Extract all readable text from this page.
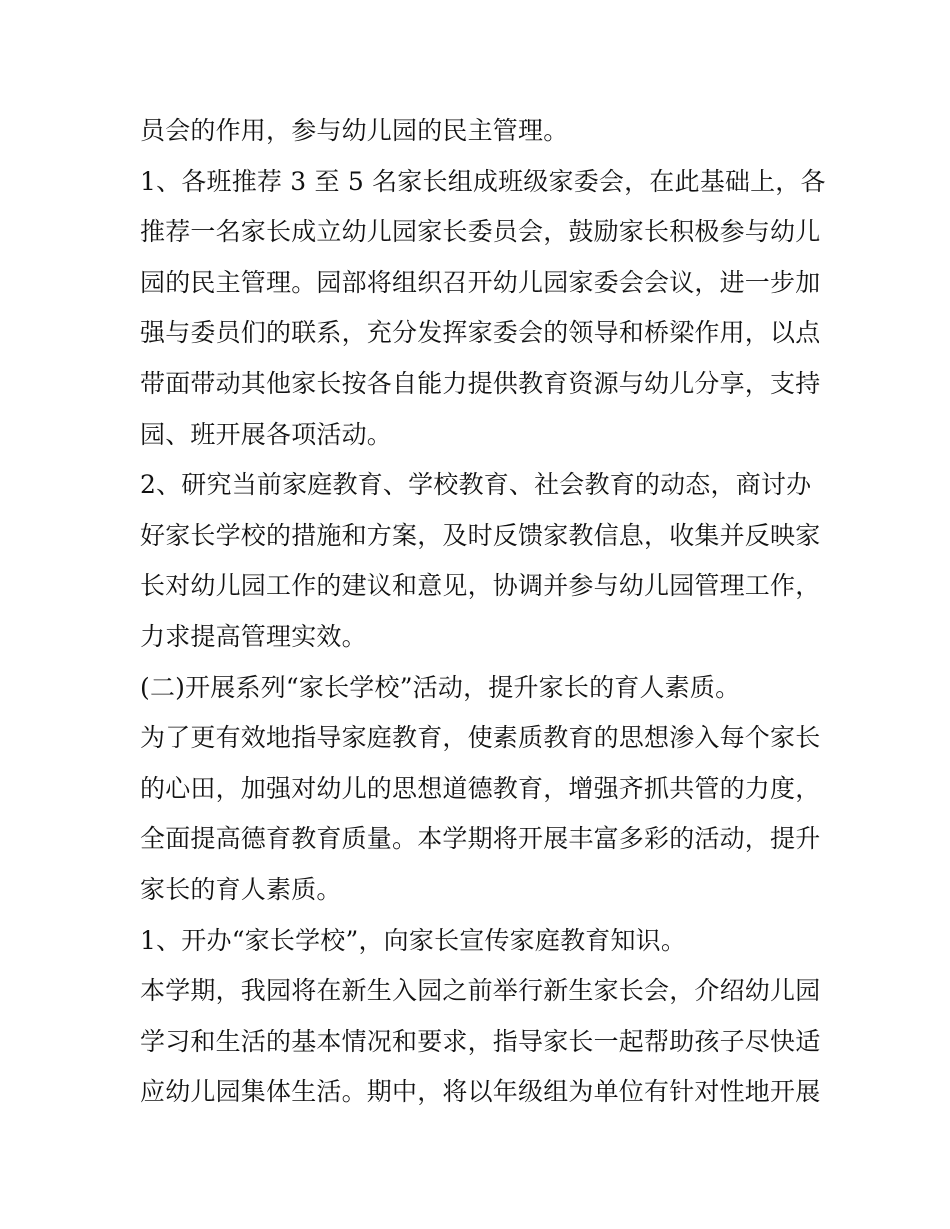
员会的作用，参与幼儿园的民主管理。
1、各班推荐 3 至 5 名家长组成班级家委会，在此基础上，各
推荐一名家长成立幼儿园家长委员会，鼓励家长积极参与幼儿
园的民主管理。园部将组织召开幼儿园家委会会议，进一步加
强与委员们的联系，充分发挥家委会的领导和桥梁作用，以点
带面带动其他家长按各自能力提供教育资源与幼儿分享，支持
园、班开展各项活动。
2、研究当前家庭教育、学校教育、社会教育的动态，商讨办
好家长学校的措施和方案，及时反馈家教信息，收集并反映家
长对幼儿园工作的建议和意见，协调并参与幼儿园管理工作，
力求提高管理实效。
(二)开展系列“家长学校”活动，提升家长的育人素质。
为了更有效地指导家庭教育，使素质教育的思想渗入每个家长
的心田，加强对幼儿的思想道德教育，增强齐抓共管的力度，
全面提高德育教育质量。本学期将开展丰富多彩的活动，提升
家长的育人素质。
1、开办“家长学校”，向家长宣传家庭教育知识。
本学期，我园将在新生入园之前举行新生家长会，介绍幼儿园
学习和生活的基本情况和要求，指导家长一起帮助孩子尽快适
应幼儿园集体生活。期中，将以年级组为单位有针对性地开展
